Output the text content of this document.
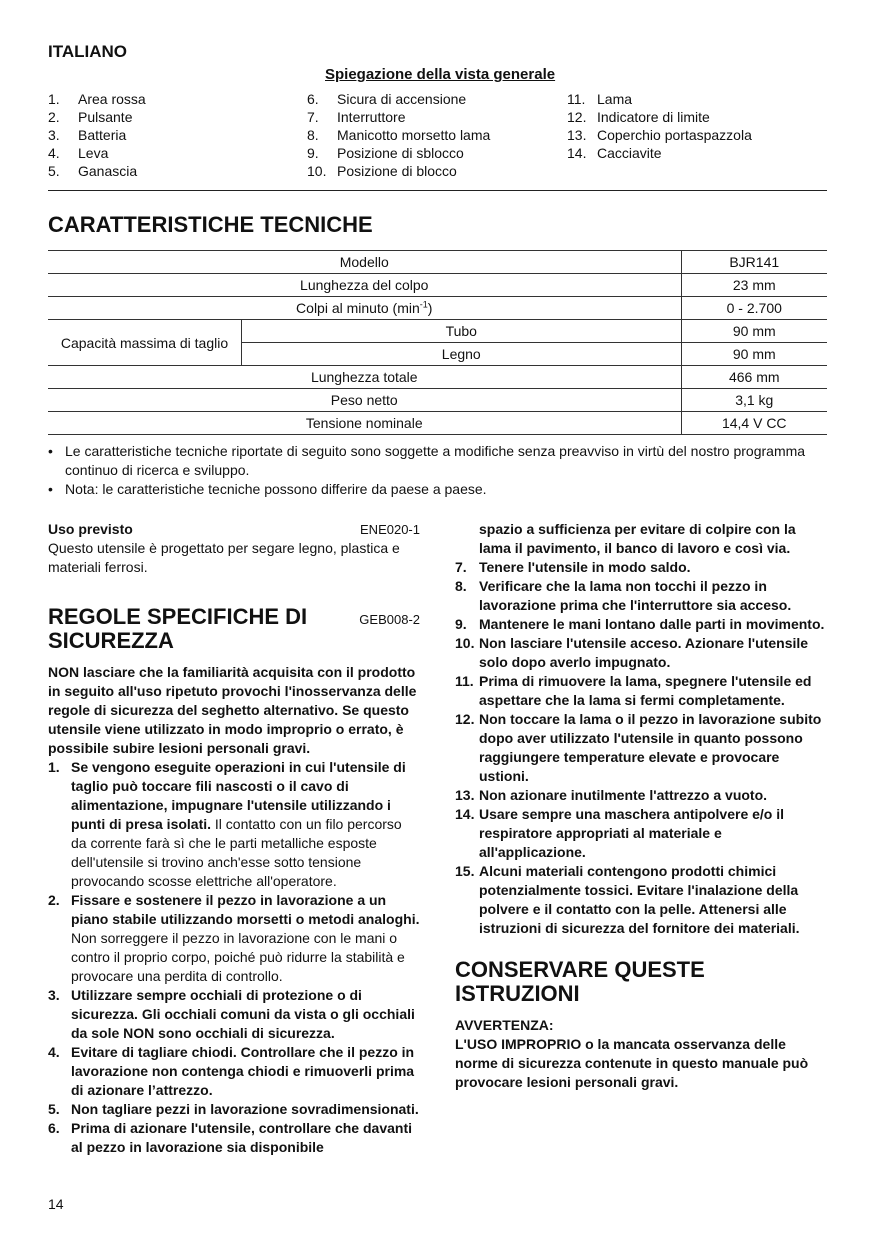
ITALIANO
Spiegazione della vista generale
1.	Area rossa
2.	Pulsante
3.	Batteria
4.	Leva
5.	Ganascia
6.	Sicura di accensione
7.	Interruttore
8.	Manicotto morsetto lama
9.	Posizione di sblocco
10. Posizione di blocco
11. Lama
12. Indicatore di limite
13. Coperchio portaspazzola
14. Cacciavite
CARATTERISTICHE TECNICHE
Modello		BJR141
Lunghezza del colpo		23 mm
Colpi al minuto $(\min^{-1})$		0 - 2.700
Capacità massima di taglio	Tubo	90 mm
	Legno	90 mm
Lunghezza totale		466 mm
Peso netto		3,1 kg
Tensione nominale		14,4 V CC
• Le caratteristiche tecniche riportate di seguito sono soggette a modifiche senza preavviso in virtù del nostro programma continuo di ricerca e sviluppo.
• Nota: le caratteristiche tecniche possono differire da paese a paese.
Uso previsto	ENE020-1
Questo utensile è progettato per segare legno, plastica e materiali ferrosi.
REGOLE SPECIFICHE DI
SICUREZZA
GEB008-2
NON lasciare che la familiarità acquisita con il prodotto in seguito all'uso ripetuto provochi l'inosservanza delle regole di sicurezza del seghetto alternativo. Se questo utensile viene utilizzato in modo improprio o errato, è possibile subire lesioni personali gravi.
1. Se vengono eseguite operazioni in cui l'utensile di taglio può toccare fili nascosti o il cavo di alimentazione, impugnare l'utensile utilizzando i punti di presa isolati. Il contatto con un filo percorso da corrente farà sì che le parti metalliche esposte dell'utensile si trovino anch'esse sotto tensione provocando scosse elettriche all'operatore.
2. Fissare e sostenere il pezzo in lavorazione a un piano stabile utilizzando morsetti o metodi analoghi. Non sorreggere il pezzo in lavorazione con le mani o contro il proprio corpo, poiché può ridurre la stabilità e provocare una perdita di controllo.
3. Utilizzare sempre occhiali di protezione o di sicurezza. Gli occhiali comuni da vista o gli occhiali da sole NON sono occhiali di sicurezza.
4. Evitare di tagliare chiodi. Controllare che il pezzo in lavorazione non contenga chiodi e rimuoverli prima di azionare l’attrezzo.
5. Non tagliare pezzi in lavorazione sovradimensionati.
6. Prima di azionare l'utensile, controllare che davanti al pezzo in lavorazione sia disponibile
spazio a sufficienza per evitare di colpire con la lama il pavimento, il banco di lavoro e così via.
7. Tenere l'utensile in modo saldo.
8. Verificare che la lama non tocchi il pezzo in lavorazione prima che l'interruttore sia acceso.
9. Mantenere le mani lontano dalle parti in movimento.
10. Non lasciare l'utensile acceso. Azionare l'utensile solo dopo averlo impugnato.
11. Prima di rimuovere la lama, spegnere l'utensile ed aspettare che la lama si fermi completamente.
12. Non toccare la lama o il pezzo in lavorazione subito dopo aver utilizzato l'utensile in quanto possono raggiungere temperature elevate e provocare ustioni.
13. Non azionare inutilmente l'attrezzo a vuoto.
14. Usare sempre una maschera antipolvere e/o il respiratore appropriati al materiale e all'applicazione.
15. Alcuni materiali contengono prodotti chimici potenzialmente tossici. Evitare l'inalazione della polvere e il contatto con la pelle. Attenersi alle istruzioni di sicurezza del fornitore dei materiali.
CONSERVARE QUESTE
ISTRUZIONI
AVVERTENZA:
L'USO IMPROPRIO o la mancata osservanza delle norme di sicurezza contenute in questo manuale può provocare lesioni personali gravi.
14
